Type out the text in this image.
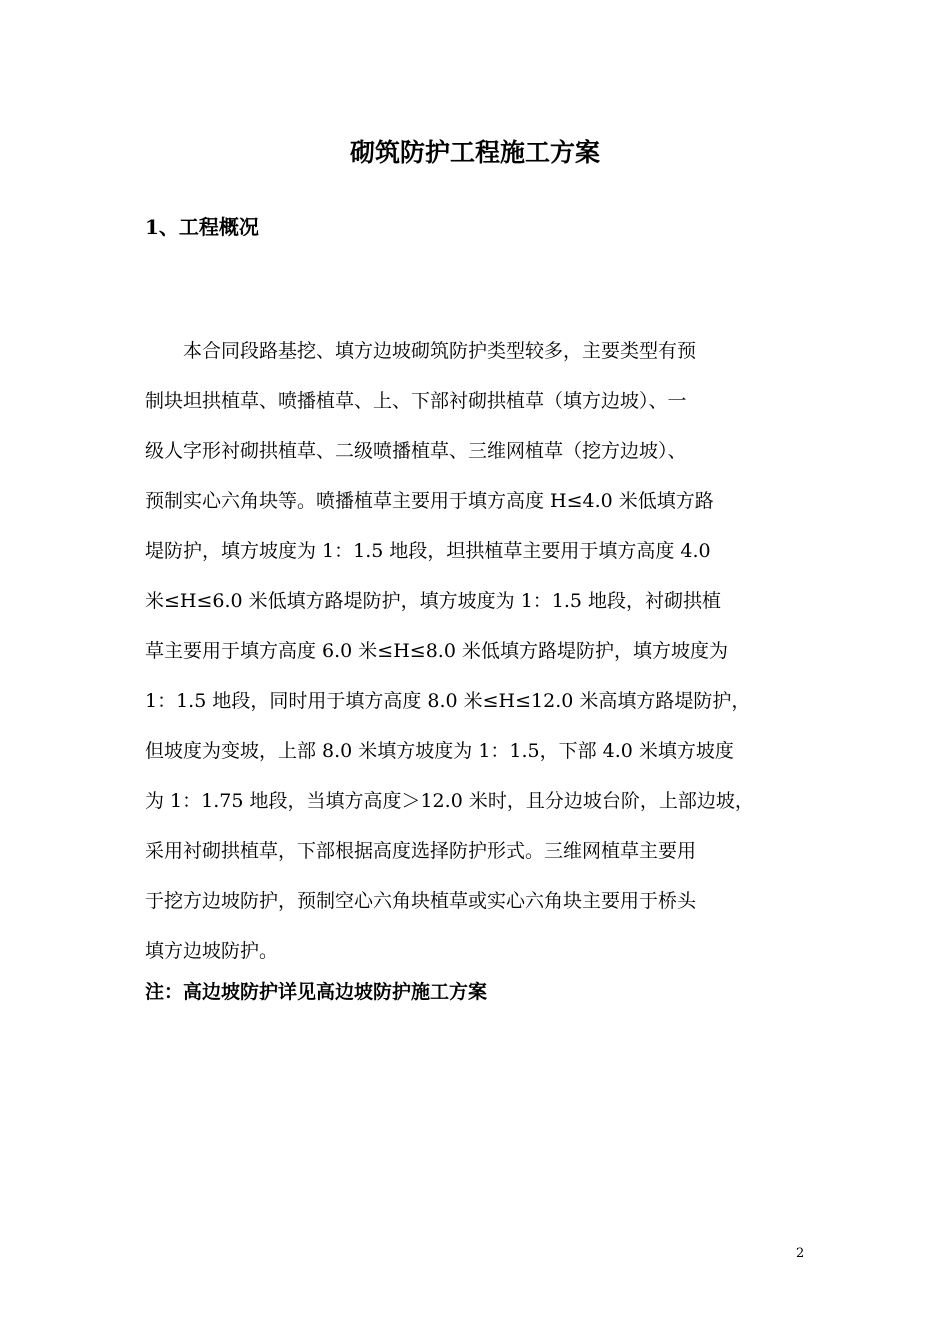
砌筑防护工程施工方案
1、工程概况
　　本合同段路基挖、填方边坡砌筑防护类型较多，主要类型有预
制块坦拱植草、喷播植草、上、下部衬砌拱植草（填方边坡）、一
级人字形衬砌拱植草、二级喷播植草、三维网植草（挖方边坡）、
预制实心六角块等。喷播植草主要用于填方高度 H≤4.0 米低填方路
堤防护，填方坡度为 1：1.5 地段，坦拱植草主要用于填方高度 4.0
米≤H≤6.0 米低填方路堤防护，填方坡度为 1：1.5 地段，衬砌拱植
草主要用于填方高度 6.0 米≤H≤8.0 米低填方路堤防护，填方坡度为
1：1.5 地段，同时用于填方高度 8.0 米≤H≤12.0 米高填方路堤防护，
但坡度为变坡，上部 8.0 米填方坡度为 1：1.5，下部 4.0 米填方坡度
为 1：1.75 地段，当填方高度＞12.0 米时，且分边坡台阶，上部边坡，
采用衬砌拱植草，下部根据高度选择防护形式。三维网植草主要用
于挖方边坡防护，预制空心六角块植草或实心六角块主要用于桥头
填方边坡防护。

注：高边坡防护详见高边坡防护施工方案

2
